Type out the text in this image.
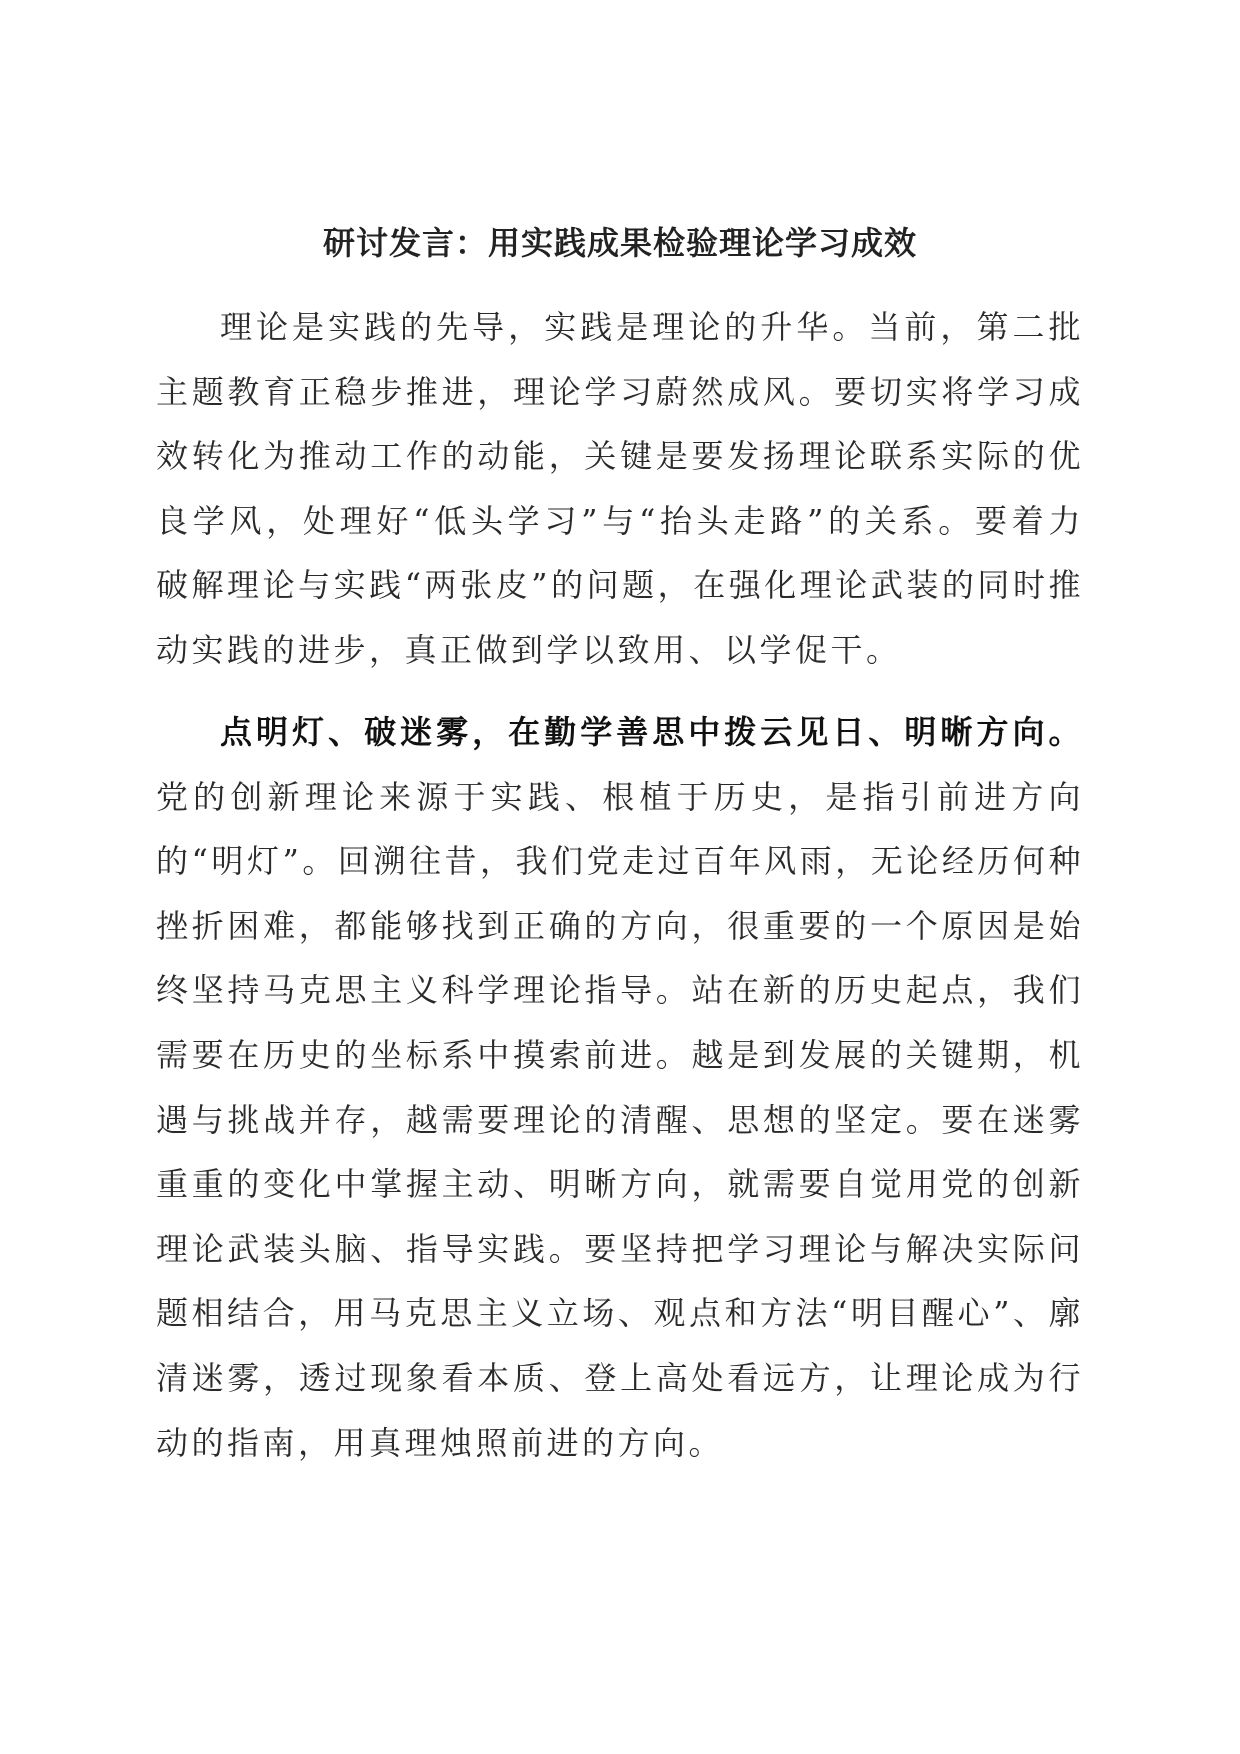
研讨发言：用实践成果检验理论学习成效

理论是实践的先导，实践是理论的升华。当前，第二批主题教育正稳步推进，理论学习蔚然成风。要切实将学习成效转化为推动工作的动能，关键是要发扬理论联系实际的优良学风，处理好“低头学习”与“抬头走路”的关系。要着力破解理论与实践“两张皮”的问题，在强化理论武装的同时推动实践的进步，真正做到学以致用、以学促干。

点明灯、破迷雾，在勤学善思中拨云见日、明晰方向。党的创新理论来源于实践、根植于历史，是指引前进方向的“明灯”。回溯往昔，我们党走过百年风雨，无论经历何种挫折困难，都能够找到正确的方向，很重要的一个原因是始终坚持马克思主义科学理论指导。站在新的历史起点，我们需要在历史的坐标系中摸索前进。越是到发展的关键期，机遇与挑战并存，越需要理论的清醒、思想的坚定。要在迷雾重重的变化中掌握主动、明晰方向，就需要自觉用党的创新理论武装头脑、指导实践。要坚持把学习理论与解决实际问题相结合，用马克思主义立场、观点和方法“明目醒心”、廓清迷雾，透过现象看本质、登上高处看远方，让理论成为行动的指南，用真理烛照前进的方向。
